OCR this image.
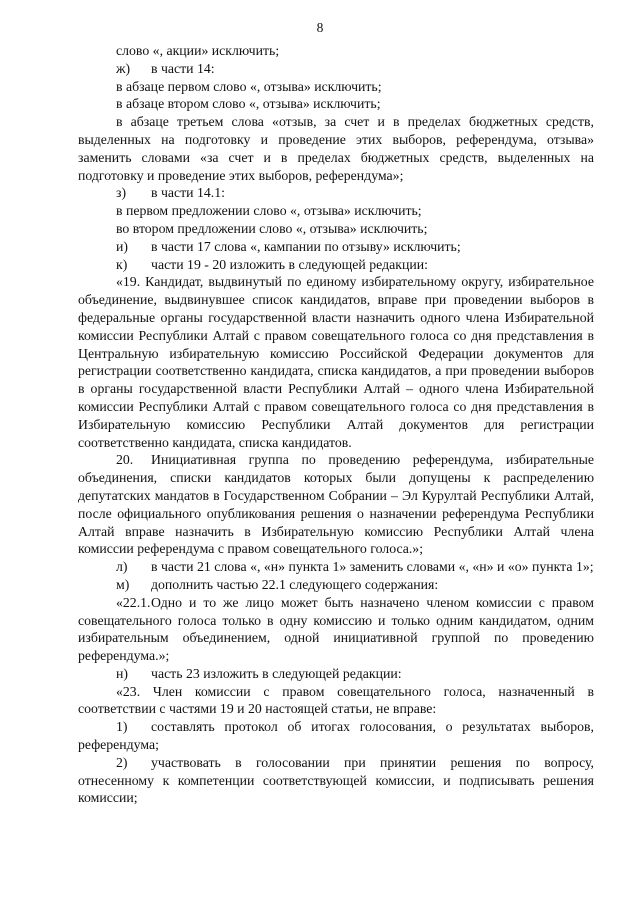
8

слово «, акции» исключить;

ж) в части 14:

в абзаце первом слово «, отзыва» исключить;

в абзаце втором слово «, отзыва» исключить;

в абзаце третьем слова «отзыв, за счет и в пределах бюджетных средств, выделенных на подготовку и проведение этих выборов, референдума, отзыва» заменить словами «за счет и в пределах бюджетных средств, выделенных на подготовку и проведение этих выборов, референдума»;

з) в части 14.1:

в первом предложении слово «, отзыва» исключить;

во втором предложении слово «, отзыва» исключить;

и) в части 17 слова «, кампании по отзыву» исключить;

к) части 19 - 20 изложить в следующей редакции:

«19. Кандидат, выдвинутый по единому избирательному округу, избирательное объединение, выдвинувшее список кандидатов, вправе при проведении выборов в федеральные органы государственной власти назначить одного члена Избирательной комиссии Республики Алтай с правом совещательного голоса со дня представления в Центральную избирательную комиссию Российской Федерации документов для регистрации соответственно кандидата, списка кандидатов, а при проведении выборов в органы государственной власти Республики Алтай – одного члена Избирательной комиссии Республики Алтай с правом совещательного голоса со дня представления в Избирательную комиссию Республики Алтай документов для регистрации соответственно кандидата, списка кандидатов.

20. Инициативная группа по проведению референдума, избирательные объединения, списки кандидатов которых были допущены к распределению депутатских мандатов в Государственном Собрании – Эл Курултай Республики Алтай, после официального опубликования решения о назначении референдума Республики Алтай вправе назначить в Избирательную комиссию Республики Алтай члена комиссии референдума с правом совещательного голоса.»;

л) в части 21 слова «, «н» пункта 1» заменить словами «, «н» и «о» пункта 1»;

м) дополнить частью 22.1 следующего содержания:

«22.1.Одно и то же лицо может быть назначено членом комиссии с правом совещательного голоса только в одну комиссию и только одним кандидатом, одним избирательным объединением, одной инициативной группой по проведению референдума.»;

н) часть 23 изложить в следующей редакции:

«23. Член комиссии с правом совещательного голоса, назначенный в соответствии с частями 19 и 20 настоящей статьи, не вправе:

1) составлять протокол об итогах голосования, о результатах выборов, референдума;

2) участвовать в голосовании при принятии решения по вопросу, отнесенному к компетенции соответствующей комиссии, и подписывать решения комиссии;
